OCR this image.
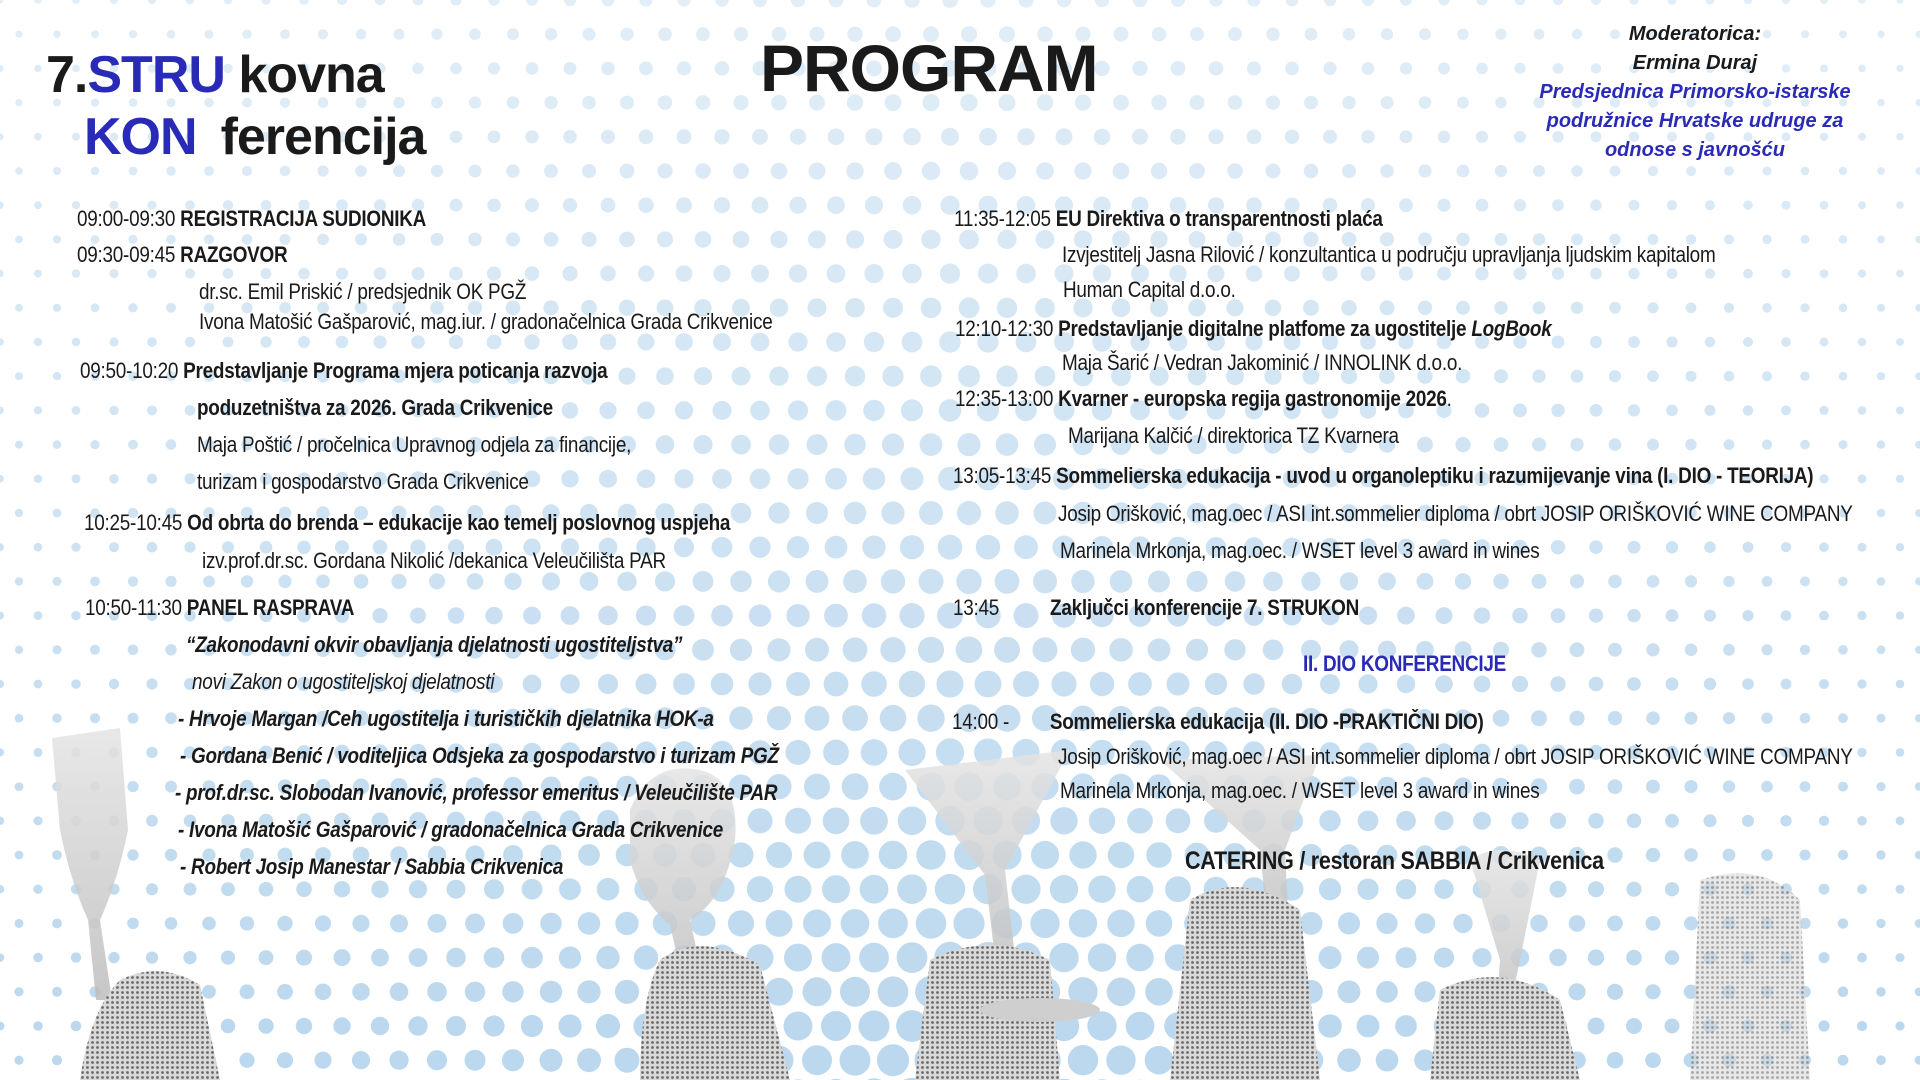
7.STRU kovna
KON ferencija
PROGRAM	Moderatorica:
Ermina Duraj
Predsjednica Primorsko-istarske
podružnice Hrvatske udruge za
odnose s javnošću
09:00-09:30 REGISTRACIJA SUDIONIKA
09:30-09:45 RAZGOVOR
dr.sc. Emil Priskić / predsjednik OK PGŽ
Ivona Matošić Gašparović, mag.iur. / gradonačelnica Grada Crikvenice
09:50-10:20 Predstavljanje Programa mjera poticanja razvoja
poduzetništva za 2026. Grada Crikvenice
Maja Poštić / pročelnica Upravnog odjela za financije,
turizam i gospodarstvo Grada Crikvenice
10:25-10:45 Od obrta do brenda – edukacije kao temelj poslovnog uspjeha
izv.prof.dr.sc. Gordana Nikolić /dekanica Veleučilišta PAR
10:50-11:30 PANEL RASPRAVA
“Zakonodavni okvir obavljanja djelatnosti ugostiteljstva”
novi Zakon o ugostiteljskoj djelatnosti
- Hrvoje Margan /Ceh ugostitelja i turističkih djelatnika HOK-a
- Gordana Benić / voditeljica Odsjeka za gospodarstvo i turizam PGŽ
- prof.dr.sc. Slobodan Ivanović, professor emeritus / Veleučilište PAR
- Ivona Matošić Gašparović / gradonačelnica Grada Crikvenice
- Robert Josip Manestar / Sabbia Crikvenica
11:35-12:05 EU Direktiva o transparentnosti plaća
Izvjestitelj Jasna Rilović / konzultantica u području upravljanja ljudskim kapitalom
Human Capital d.o.o.
12:10-12:30 Predstavljanje digitalne platfome za ugostitelje LogBook
Maja Šarić / Vedran Jakominić / INNOLINK d.o.o.
12:35-13:00 Kvarner - europska regija gastronomije 2026.
Marijana Kalčić / direktorica TZ Kvarnera
13:05-13:45 Sommelierska edukacija - uvod u organoleptiku i razumijevanje vina (I. DIO - TEORIJA)
Josip Orišković, mag.oec / ASI int.sommelier diploma / obrt JOSIP ORIŠKOVIĆ WINE COMPANY
Marinela Mrkonja, mag.oec. / WSET level 3 award in wines
13:45 Zaključci konferencije 7. STRUKON
II. DIO KONFERENCIJE
14:00 - Sommelierska edukacija (II. DIO -PRAKTIČNI DIO)
Josip Orišković, mag.oec / ASI int.sommelier diploma / obrt JOSIP ORIŠKOVIĆ WINE COMPANY
Marinela Mrkonja, mag.oec. / WSET level 3 award in wines
CATERING / restoran SABBIA / Crikvenica
